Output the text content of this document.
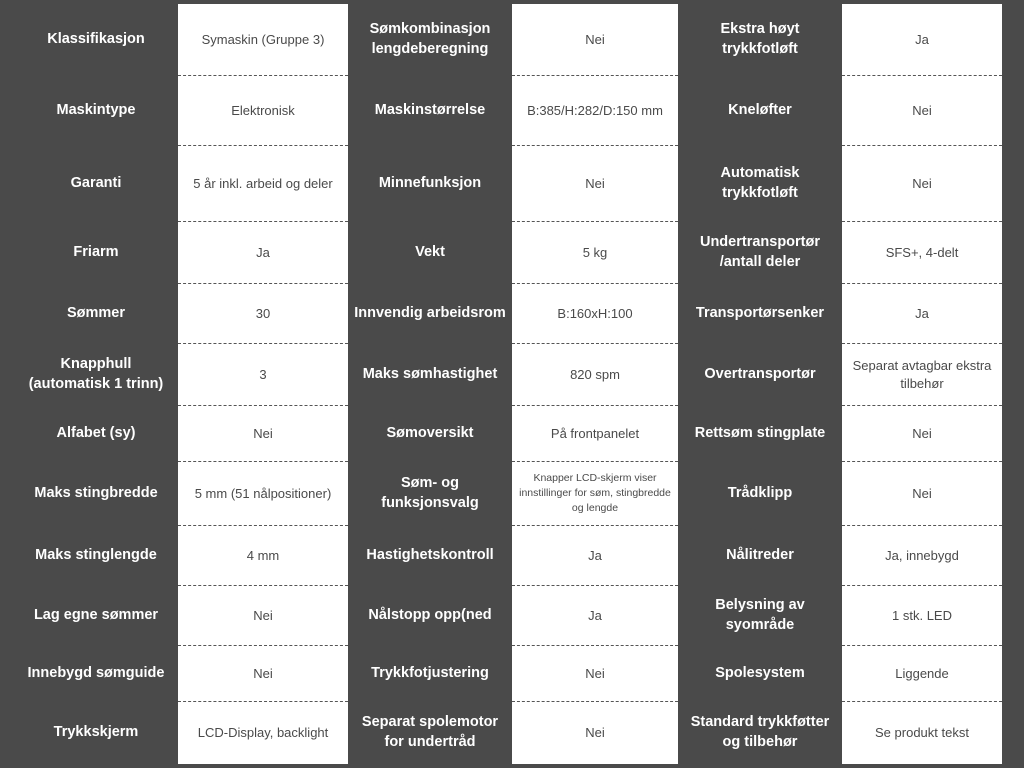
Klassifikasjon
Maskintype
Garanti
Friarm
Sømmer
Knapphull (automatisk 1 trinn)
Alfabet (sy)
Maks stingbredde
Maks stinglengde
Lag egne sømmer
Innebygd sømguide
Trykkskjerm
Symaskin (Gruppe 3)
Elektronisk
5 år inkl. arbeid og deler
Ja
30
3
Nei
5 mm (51 nålpositioner)
4 mm
Nei
Nei
LCD-Display, backlight
Sømkombinasjon lengdeberegning
Maskinstørrelse
Minnefunksjon
Vekt
Innvendig arbeidsrom
Maks sømhastighet
Sømoversikt
Søm- og funksjonsvalg
Hastighetskontroll
Nålstopp opp(ned
Trykkfotjustering
Separat spolemotor for undertråd
Nei
B:385/H:282/D:150 mm
Nei
5 kg
B:160xH:100
820 spm
På frontpanelet
Knapper LCD-skjerm viser innstillinger for søm, stingbredde og lengde
Ja
Ja
Nei
Nei
Ekstra høyt trykkfotløft
Kneløfter
Automatisk trykkfotløft
Undertransportør /antall deler
Transportørsenker
Overtransportør
Rettsøm stingplate
Trådklipp
Nålitreder
Belysning av syområde
Spolesystem
Standard trykkføtter og tilbehør
Ja
Nei
Nei
SFS+, 4-delt
Ja
Separat avtagbar ekstra tilbehør
Nei
Nei
Ja, innebygd
1 stk. LED
Liggende
Se produkt tekst
